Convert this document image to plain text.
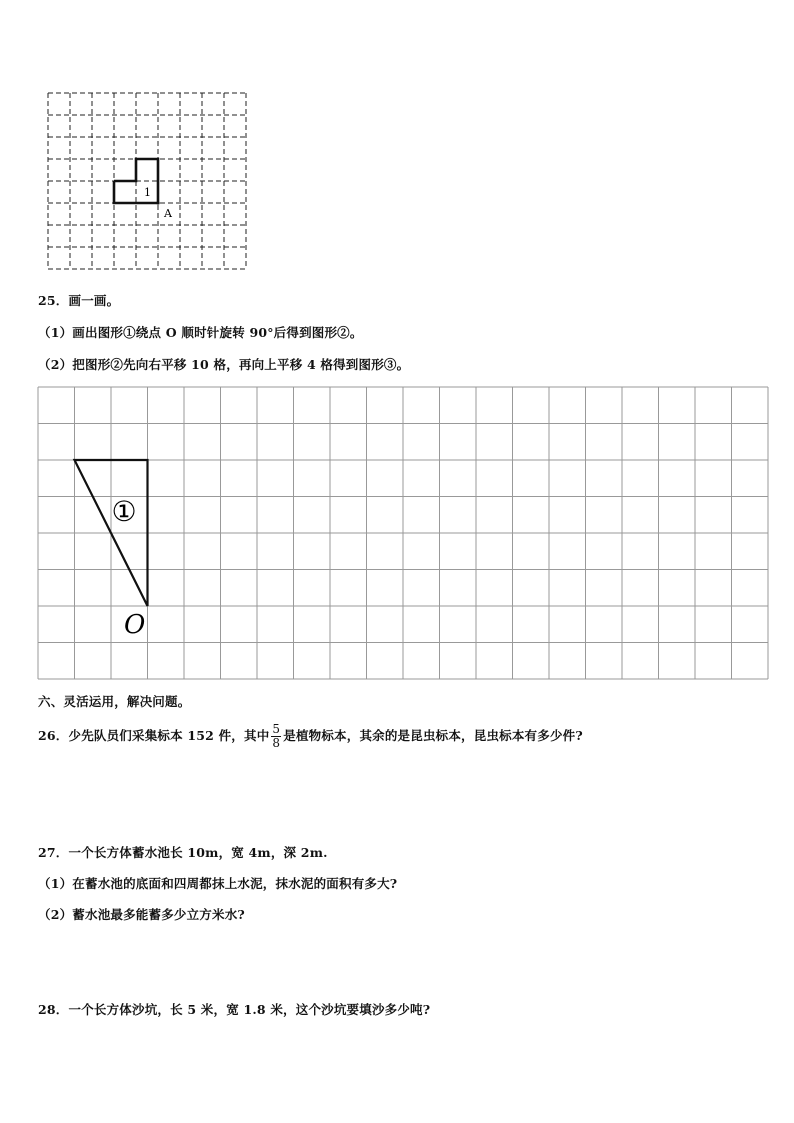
1
A
25．画一画。
（1）画出图形①绕点 O 顺时针旋转 90°后得到图形②。
（2）把图形②先向右平移 10 格，再向上平移 4 格得到图形③。
①
O
六、灵活运用，解决问题。
26．少先队员们采集标本 152 件，其中 $\frac{5}{8}$ 是植物标本，其余的是昆虫标本，昆虫标本有多少件?
27．一个长方体蓄水池长 10m，宽 4m，深 2m.
（1）在蓄水池的底面和四周都抹上水泥，抹水泥的面积有多大?
（2）蓄水池最多能蓄多少立方米水?
28．一个长方体沙坑，长 5 米，宽 1.8 米，这个沙坑要填沙多少吨?
